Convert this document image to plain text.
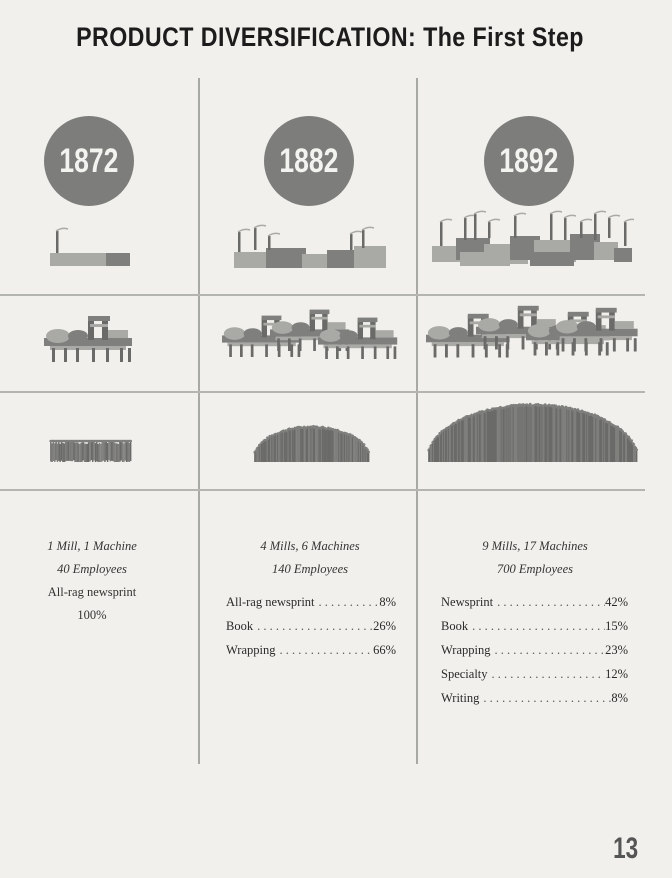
PRODUCT DIVERSIFICATION: The First Step
1872	1882	1892
1 Mill, 1 Machine
40 Employees
All-rag newsprint
100%
4 Mills, 6 Machines
140 Employees
All-rag newsprint . . .	8%
Book . . .	26%
Wrapping . . .	66%
9 Mills, 17 Machines
700 Employees
Newsprint . . .	42%
Book . . .	15%
Wrapping . . .	23%
Specialty . . .	12%
Writing . . .	8%
13
